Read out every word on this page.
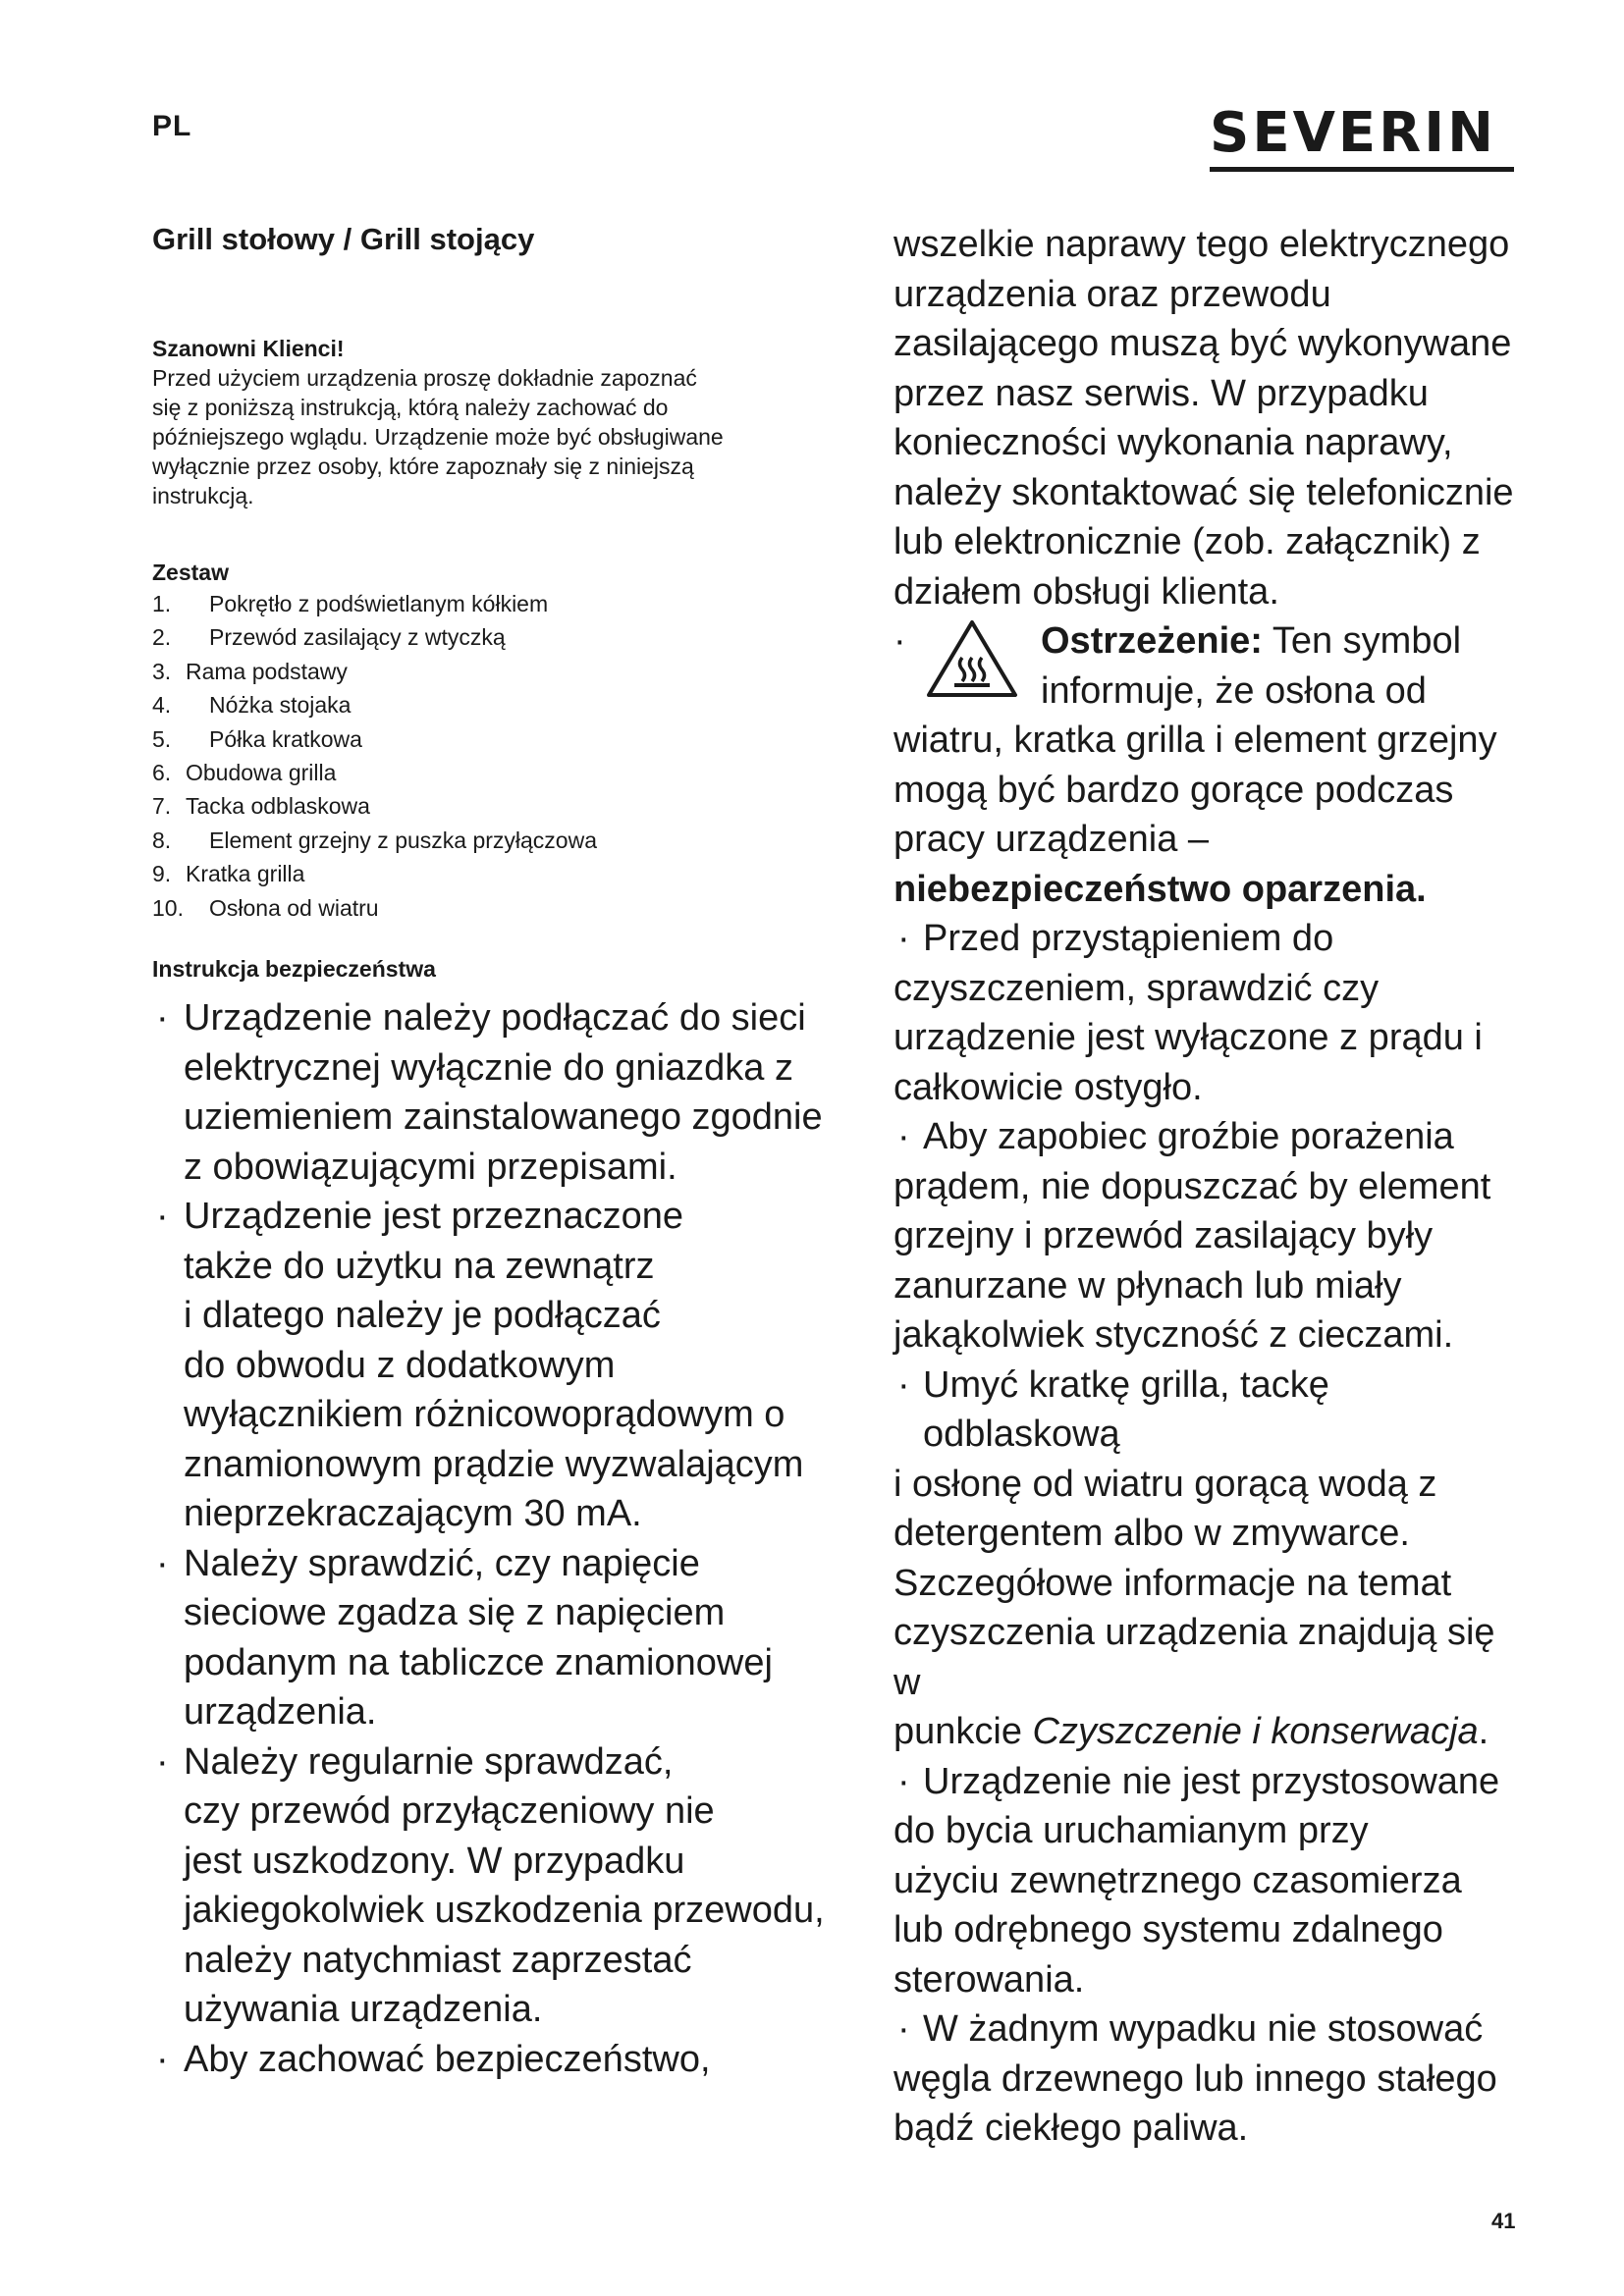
PL	SEVERIN
Grill stołowy / Grill stojący

Szanowni Klienci!

Przed użyciem urządzenia proszę dokładnie zapoznać

się z poniższą instrukcją, którą należy zachować do

późniejszego wglądu. Urządzenie może być obsługiwane

wyłącznie przez osoby, które zapoznały się z niniejszą

instrukcją.

Zestaw

1.	Pokrętło z podświetlanym kółkiem
2.	Przewód zasilający z wtyczką
3. Rama podstawy
4.	Nóżka stojaka
5.	Półka kratkowa
6. Obudowa grilla
7. Tacka odblaskowa
8.	Element grzejny z puszka przyłączowa
9. Kratka grilla
10.	Osłona od wiatru

Instrukcja bezpieczeństwa

· Urządzenie należy podłączać do sieci
elektrycznej wyłącznie do gniazdka z
uziemieniem zainstalowanego zgodnie
z obowiązującymi przepisami.
· Urządzenie jest przeznaczone
także do użytku na zewnątrz
i dlatego należy je podłączać
do obwodu z dodatkowym
wyłącznikiem różnicowoprądowym o
znamionowym prądzie wyzwalającym
nieprzekraczającym 30 mA.
· Należy sprawdzić, czy napięcie
sieciowe zgadza się z napięciem
podanym na tabliczce znamionowej
urządzenia.
· Należy regularnie sprawdzać,
czy przewód przyłączeniowy nie
jest uszkodzony. W przypadku
jakiegokolwiek uszkodzenia przewodu,
należy natychmiast zaprzestać
używania urządzenia.
· Aby zachować bezpieczeństwo,
wszelkie naprawy tego elektrycznego
urządzenia oraz przewodu
zasilającego muszą być wykonywane
przez nasz serwis. W przypadku
konieczności wykonania naprawy,
należy skontaktować się telefonicznie
lub elektronicznie (zob. załącznik) z
działem obsługi klienta.
·	Ostrzeżenie: Ten symbol
informuje, że osłona od
wiatru, kratka grilla i element grzejny
mogą być bardzo gorące podczas
pracy urządzenia –
niebezpieczeństwo oparzenia.
· Przed przystąpieniem do
czyszczeniem, sprawdzić czy
urządzenie jest wyłączone z prądu i
całkowicie ostygło.
· Aby zapobiec groźbie porażenia
prądem, nie dopuszczać by element
grzejny i przewód zasilający były
zanurzane w płynach lub miały
jakąkolwiek styczność z cieczami.
· Umyć kratkę grilla, tackę odblaskową
i osłonę od wiatru gorącą wodą z
detergentem albo w zmywarce.
Szczegółowe informacje na temat
czyszczenia urządzenia znajdują się w
punkcie Czyszczenie i konserwacja.
· Urządzenie nie jest przystosowane
do bycia uruchamianym przy
użyciu zewnętrznego czasomierza
lub odrębnego systemu zdalnego
sterowania.
· W żadnym wypadku nie stosować
węgla drzewnego lub innego stałego
bądź ciekłego paliwa.
41
